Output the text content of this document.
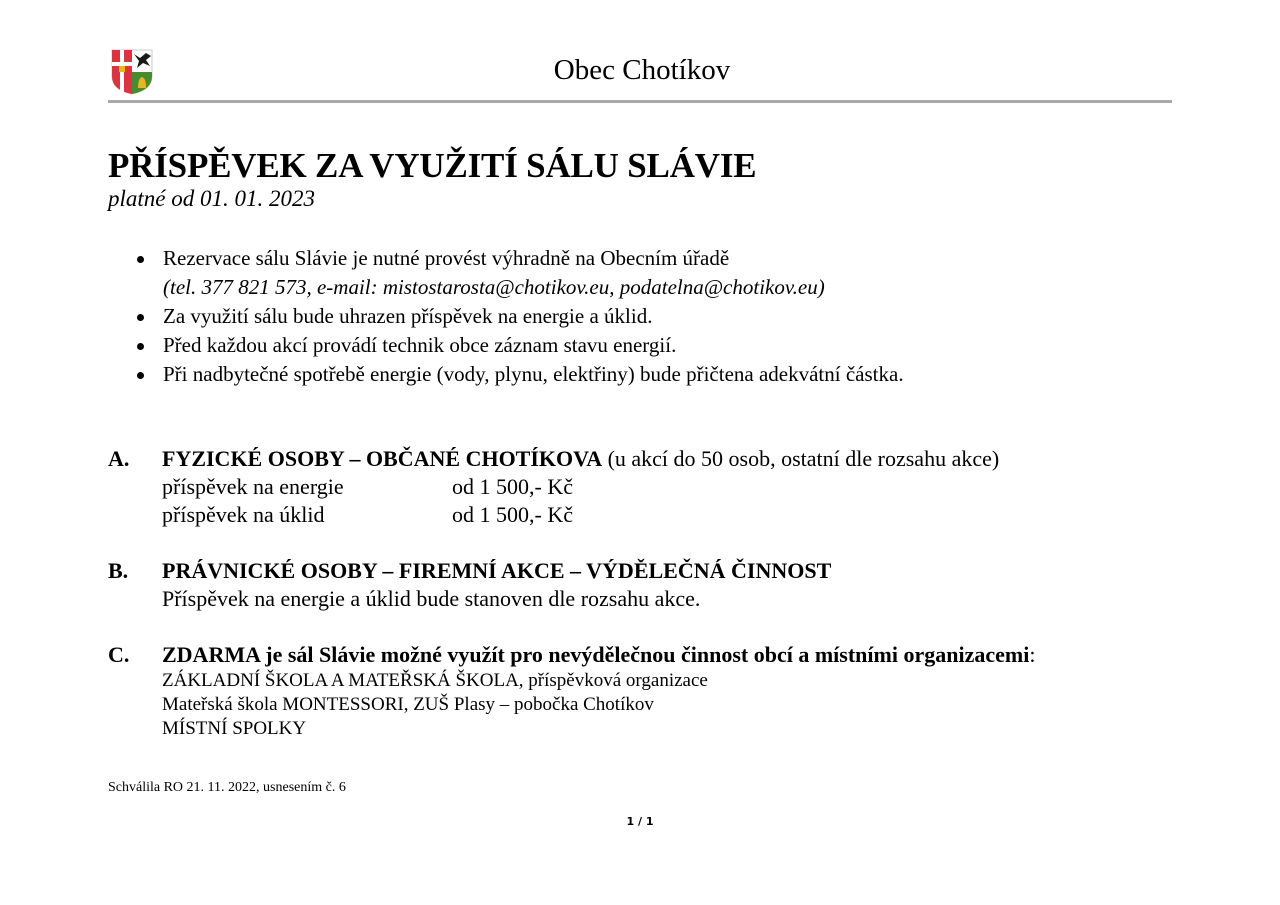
Obec Chotíkov
PŘÍSPĚVEK ZA VYUŽITÍ SÁLU SLÁVIE
platné od 01. 01. 2023
Rezervace sálu Slávie je nutné provést výhradně na Obecním úřadě
(tel. 377 821 573, e-mail: mistostarosta@chotikov.eu, podatelna@chotikov.eu)
Za využití sálu bude uhrazen příspěvek na energie a úklid.
Před každou akcí provádí technik obce záznam stavu energií.
Při nadbytečné spotřebě energie (vody, plynu, elektřiny) bude přičtena adekvátní částka.
A. FYZICKÉ OSOBY – OBČANÉ CHOTÍKOVA (u akcí do 50 osob, ostatní dle rozsahu akce)
příspěvek na energie	od 1 500,- Kč
příspěvek na úklid	od 1 500,- Kč
B. PRÁVNICKÉ OSOBY – FIREMNÍ AKCE – VÝDĚLEČNÁ ČINNOST
Příspěvek na energie a úklid bude stanoven dle rozsahu akce.
C. ZDARMA je sál Slávie možné využít pro nevýdělečnou činnost obcí a místními organizacemi:
ZÁKLADNÍ ŠKOLA A MATEŘSKÁ ŠKOLA, příspěvková organizace
Mateřská škola MONTESSORI, ZUŠ Plasy – pobočka Chotíkov
MÍSTNÍ SPOLKY
Schválila RO 21. 11. 2022, usnesením č. 6
1 / 1
